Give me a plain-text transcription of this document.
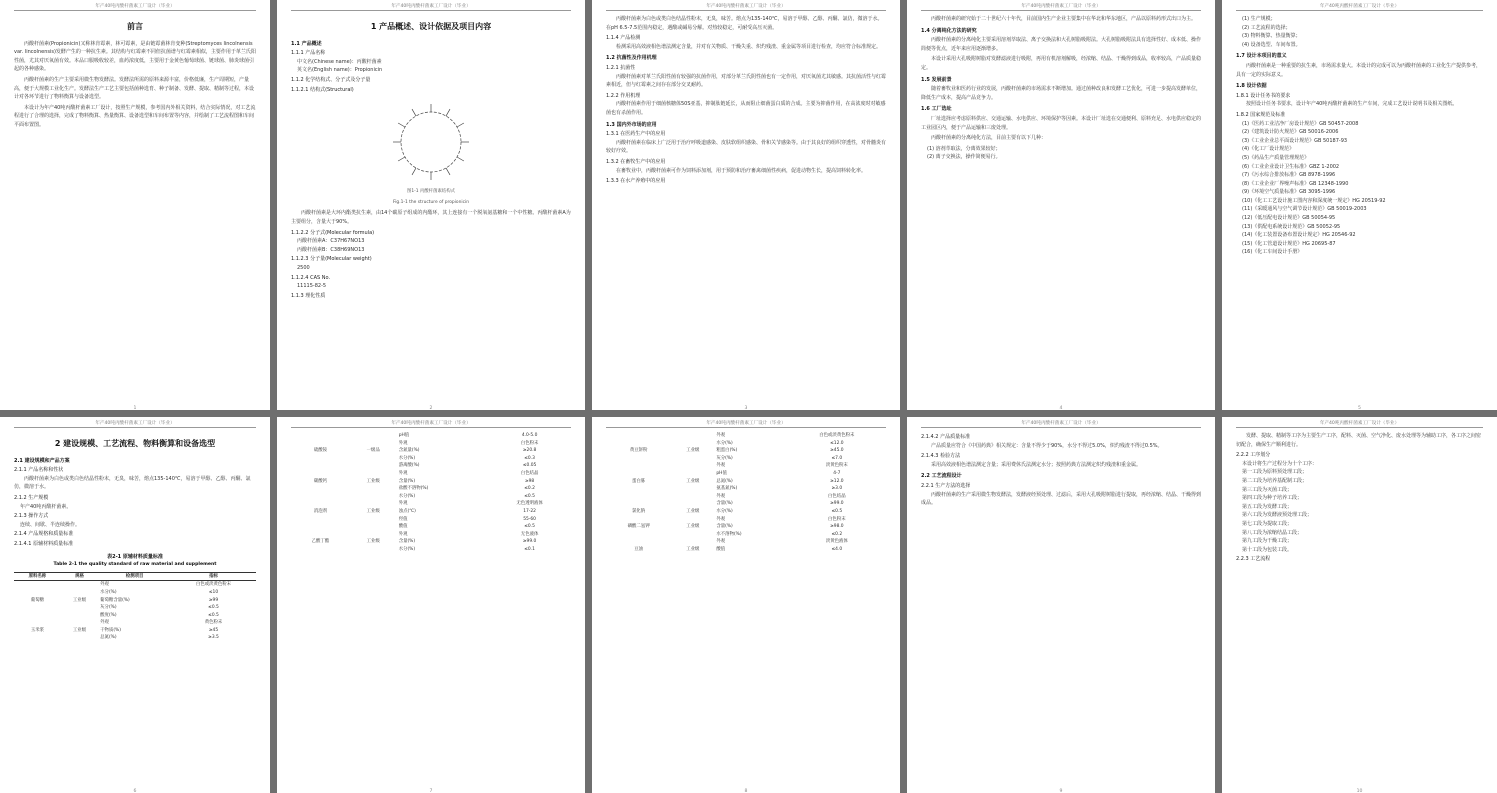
年产40吨丙酸杆菌素工厂设计（毕业）
前言

丙酸杆菌素(Propionicin)又称林肯霉素，林可霉素，是由链霉菌林肯变种(Streptomyces lincolnensis var. lincolnensis)发酵产生的一种抗生素。其结构与红霉素不同但抗菌谱与红霉素相似，主要作用于革兰氏阳性菌，尤其对厌氧菌有效。本品口服吸收较差，血药浓度低，主要用于金黄色葡萄球菌、链球菌、肺炎球菌引起的各种感染。

丙酸杆菌素的生产主要采用微生物发酵法。发酵法所需的原料来源丰富，价格低廉，生产周期短，产量高，便于大规模工业化生产。发酵法生产工艺主要包括菌种选育、种子制备、发酵、提取、精制等过程，本设计对各环节进行了物料衡算与设备选型。

本设计为年产40吨丙酸杆菌素工厂设计，按照生产规模，参考国内外相关资料，结合实际情况，对工艺流程进行了合理的选择，完成了物料衡算、热量衡算、设备选型和车间布置等内容，并绘制了工艺流程图和车间平面布置图。

1
年产40吨丙酸杆菌素工厂设计（毕业）
1 产品概述、设计依据及项目内容

1.1 产品概述

1.1.1 产品名称

中文名(Chinese name)：丙酸杆菌素

英文名(English name)：Propionicin

1.1.2 化学结构式、分子式及分子量

1.1.2.1 结构式(Structural)

图1-1 丙酸杆菌素结构式

Fig.1-1 the structure of propionicin

丙酸杆菌素是大环内酯类抗生素，由14个碳原子组成的内酯环，其上连接有一个脱氧氨基糖和一个中性糖。丙酸杆菌素A为主要组分，含量大于90%。

1.1.2.2 分子式(Molecular formula)

丙酸杆菌素A：C37H67NO13

丙酸杆菌素B：C38H69NO13

1.1.2.3 分子量(Molecular weight)

2500

1.1.2.4 CAS No.

11115-82-5

1.1.3 理化性质

2
年产40吨丙酸杆菌素工厂设计（毕业）

丙酸杆菌素为白色或类白色结晶性粉末，无臭，味苦。熔点为135-140℃，易溶于甲醇、乙醇、丙酮、氯仿，微溶于水。在pH 6.5-7.5范围内稳定，遇酸或碱易分解。对热较稳定，可耐受高压灭菌。

1.1.4 产品检测

检测采用高效液相色谱法测定含量，并对有关物质、干燥失重、炽灼残渣、重金属等项目进行检查，均应符合标准规定。

1.2 抗菌性及作用机理

1.2.1 抗菌性

丙酸杆菌素对革兰氏阳性菌有较强的抗菌作用，对部分革兰氏阴性菌也有一定作用，对厌氧菌尤其敏感。其抗菌活性与红霉素相近，但与红霉素之间存在部分交叉耐药。

1.2.2 作用机理

丙酸杆菌素作用于细菌核糖体50S亚基，抑制肽链延长，从而阻止细菌蛋白质的合成。主要为抑菌作用，在高浓度时对敏感菌也有杀菌作用。

1.3 国内外市场的应用

1.3.1 在医药生产中的应用

丙酸杆菌素在临床上广泛用于治疗呼吸道感染、皮肤软组织感染、骨和关节感染等。由于其良好的组织穿透性，对骨髓炎有较好疗效。

1.3.2 在畜牧生产中的应用

在畜牧业中，丙酸杆菌素可作为饲料添加剂，用于预防和治疗畜禽细菌性疾病，促进动物生长，提高饲料转化率。

1.3.3 在水产养殖中的应用

3
年产40吨丙酸杆菌素工厂设计（毕业）

丙酸杆菌素的研究始于二十世纪六十年代，目前国内生产企业主要集中在华北和华东地区，产品以原料药形式出口为主。

1.4 分离纯化方法的研究

丙酸杆菌素的分离纯化主要采用溶剂萃取法、离子交换法和大孔树脂吸附法。大孔树脂吸附法具有选择性好、成本低、操作简便等优点，近年来应用逐渐增多。

本设计采用大孔吸附树脂对发酵滤液进行吸附，再用有机溶剂解吸，经浓缩、结晶、干燥得到成品，收率较高，产品质量稳定。

1.5 发展前景

随着畜牧业和医药行业的发展，丙酸杆菌素的市场需求不断增加。通过菌种改良和发酵工艺优化，可进一步提高发酵单位，降低生产成本，提高产品竞争力。

1.6 工厂选址

厂址选择应考虑原料供应、交通运输、水电供应、环境保护等因素。本设计厂址选在交通便利、原料充足、水电供应稳定的工业园区内，便于产品运输和三废处理。

丙酸杆菌素的分离纯化方法，目前主要有以下几种：

(1) 溶剂萃取法，分离效果较好；

(2) 离子交换法，操作简便易行。

4
年产40吨丙酸杆菌素工厂设计（毕业）

(1) 生产规模；

(2) 工艺流程的选择；

(3) 物料衡算、热量衡算；

(4) 设备选型、车间布置。

1.7 设计本项目的意义

丙酸杆菌素是一种重要的抗生素，市场需求量大。本设计的完成可以为丙酸杆菌素的工业化生产提供参考，具有一定的实际意义。

1.8 设计依据

1.8.1 设计任务书的要求

按照设计任务书要求，设计年产40吨丙酸杆菌素的生产车间，完成工艺设计说明书及相关图纸。

1.8.2 国家规范及标准

(1)《医药工业洁净厂房设计规范》GB 50457-2008

(2)《建筑设计防火规范》GB 50016-2006

(3)《工业企业总平面设计规范》GB 50187-93

(4)《化工厂设计规范》

(5)《药品生产质量管理规范》

(6)《工业企业设计卫生标准》GBZ 1-2002

(7)《污水综合排放标准》GB 8978-1996

(8)《工业企业厂界噪声标准》GB 12348-1990

(9)《环境空气质量标准》GB 3095-1996

(10)《化工工艺设计施工图内容和深度统一规定》HG 20519-92

(11)《采暖通风与空气调节设计规范》GB 50019-2003

(12)《低压配电设计规范》GB 50054-95

(13)《供配电系统设计规范》GB 50052-95

(14)《化工装置设备布置设计规定》HG 20546-92

(15)《化工管道设计规范》HG 20695-87

(16)《化工车间设计手册》

5
年产40吨丙酸杆菌素工厂设计（毕业）
2 建设规模、工艺流程、物料衡算和设备选型

2.1 建设规模和产品方案

2.1.1 产品名称和性状

丙酸杆菌素为白色或类白色结晶性粉末，无臭，味苦，熔点135-140℃，易溶于甲醇、乙醇、丙酮、氯仿，微溶于水。

2.1.2 生产规模

年产40吨丙酸杆菌素。

2.1.3 操作方式

连续、间歇、半连续操作。

2.1.4 产品规格和质量标准

2.1.4.1 原辅材料质量标准

表2-1 原辅材料质量标准
Table 2-1 the quality standard of raw material and supplement
原料名称	规格	检测项目	指标
		外观	白色或淡黄色粉末
		水分(%)	≤10
葡萄糖	工业级	葡萄糖含量(%)	≥99
		灰分(%)	≤0.5
		酸度(%)	≤0.5
		外观	黄色粉末
玉米浆	工业级	干物质(%)	≥45
		总氮(%)	≥3.5
6
年产40吨丙酸杆菌素工厂设计（毕业）
		pH值	4.0-5.0
		外观	白色粉末
硫酸铵	一级品	含氮量(%)	≥20.8
		水分(%)	≤0.3
		游离酸(%)	≤0.05
		外观	白色结晶
碳酸钙	工业级	含量(%)	≥98
		盐酸不溶物(%)	≤0.2
		水分(%)	≤0.5
		外观	无色透明液体
消泡剂	工业级	浊点(℃)	17-22
		羟值	55-60
		酸值	≤0.5
		外观	无色液体
乙酸丁酯	工业级	含量(%)	≥99.0
		水分(%)	≤0.1
7
年产40吨丙酸杆菌素工厂设计（毕业）
		外观	白色或淡黄色粉末
		水分(%)	≤12.0
黄豆饼粉	工业级	粗蛋白(%)	≥45.0
		灰分(%)	≤7.0
		外观	淡黄色粉末
		pH值	4-7
蛋白胨	工业级	总氮(%)	≥12.0
		氨基氮(%)	≥3.0
		外观	白色结晶
		含量(%)	≥99.0
氯化钠	工业级	水分(%)	≤0.5
		外观	白色粉末
磷酸二氢钾	工业级	含量(%)	≥98.0
		水不溶物(%)	≤0.2
		外观	淡黄色液体
豆油	工业级	酸值	≤4.0
8
年产40吨丙酸杆菌素工厂设计（毕业）

2.1.4.2 产品质量标准

产品质量应符合《中国药典》相关规定：含量不得少于90%，水分不得过5.0%，炽灼残渣不得过0.5%。

2.1.4.3 检验方法

采用高效液相色谱法测定含量；采用费休氏法测定水分；按照药典方法测定炽灼残渣和重金属。

2.2 工艺流程设计

2.2.1 生产方法的选择

丙酸杆菌素的生产采用微生物发酵法，发酵液经预处理、过滤后，采用大孔吸附树脂进行提取，再经浓缩、结晶、干燥得到成品。

9
年产40吨丙酸杆菌素工厂设计（毕业）

发酵、提取、精制等工序为主要生产工序，配料、灭菌、空气净化、废水处理等为辅助工序，各工序之间密切配合，确保生产顺利进行。

2.2.2 工序划分

本设计将生产过程分为十个工序：

第一工段为原料预处理工段；

第二工段为培养基配制工段；

第三工段为灭菌工段；

第四工段为种子培养工段；

第五工段为发酵工段；

第六工段为发酵液预处理工段；

第七工段为提取工段；

第八工段为浓缩结晶工段；

第九工段为干燥工段；

第十工段为包装工段。

2.2.3 工艺流程

10
